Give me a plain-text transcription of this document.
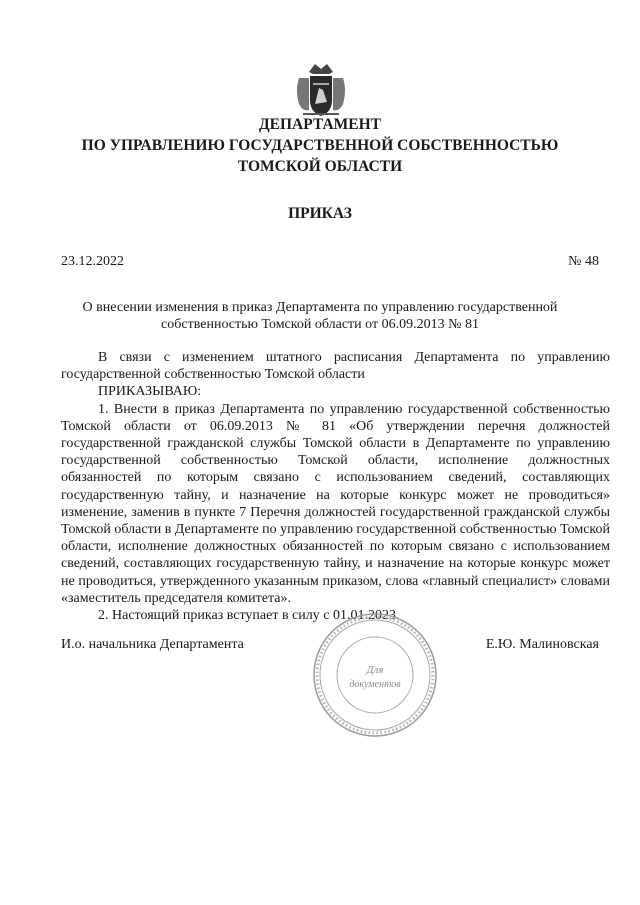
ДЕПАРТАМЕНТ
ПО УПРАВЛЕНИЮ ГОСУДАРСТВЕННОЙ СОБСТВЕННОСТЬЮ
ТОМСКОЙ ОБЛАСТИ
ПРИКАЗ
23.12.2022	№ 48
О внесении изменения в приказ Департамента по управлению государственной собственностью Томской области от 06.09.2013 № 81

В связи с изменением штатного расписания Департамента по управлению государственной собственностью Томской области

ПРИКАЗЫВАЮ:

1. Внести в приказ Департамента по управлению государственной собственностью Томской области от 06.09.2013 № 81 «Об утверждении перечня должностей государственной гражданской службы Томской области в Департаменте по управлению государственной собственностью Томской области, исполнение должностных обязанностей по которым связано с использованием сведений, составляющих государственную тайну, и назначение на которые конкурс может не проводиться» изменение, заменив в пункте 7 Перечня должностей государственной гражданской службы Томской области в Департаменте по управлению государственной собственностью Томской области, исполнение должностных обязанностей по которым связано с использованием сведений, составляющих государственную тайну, и назначение на которые конкурс может не проводиться, утвержденного указанным приказом, слова «главный специалист» словами «заместитель председателя комитета».

2. Настоящий приказ вступает в силу с 01.01.2023.

И.о. начальника Департамента	Е.Ю. Малиновская
Для
документов
